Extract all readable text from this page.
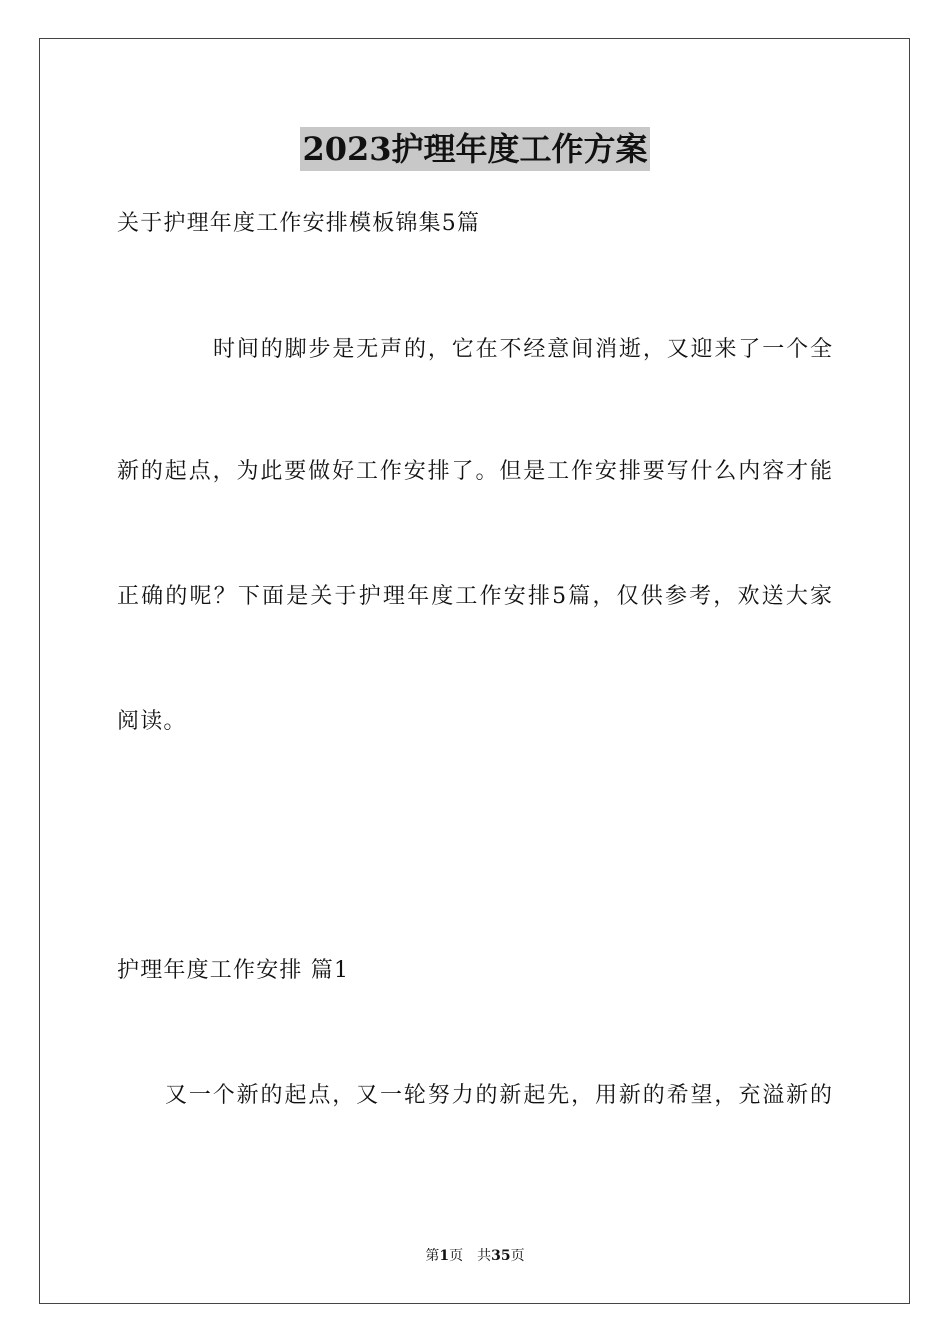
2023护理年度工作方案
关于护理年度工作安排模板锦集5篇
时间的脚步是无声的，它在不经意间消逝，又迎来了一个全
新的起点，为此要做好工作安排了。但是工作安排要写什么内容才能
正确的呢？下面是关于护理年度工作安排5篇，仅供参考，欢送大家
阅读。
护理年度工作安排 篇1
又一个新的起点，又一轮努力的新起先，用新的希望，充溢新的
第1页 共35页
